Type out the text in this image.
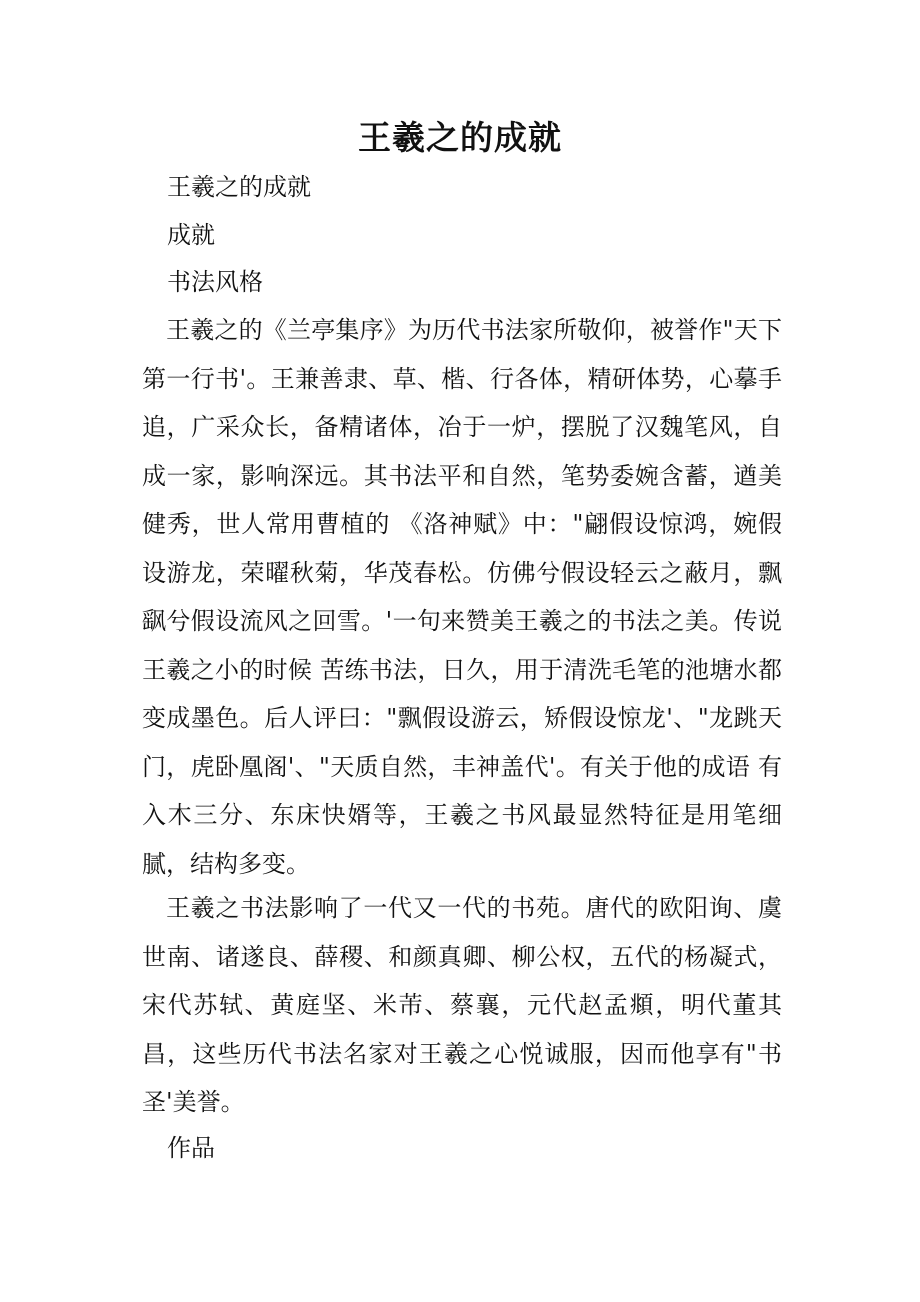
王羲之的成就

王羲之的成就

成就

书法风格

王羲之的《兰亭集序》为历代书法家所敬仰，被誉作"天下第一行书'。王兼善隶、草、楷、行各体，精研体势，心摹手追，广采众长，备精诸体，冶于一炉，摆脱了汉魏笔风，自成一家，影响深远。其书法平和自然，笔势委婉含蓄，遒美健秀，世人常用曹植的 《洛神赋》中："翩假设惊鸿，婉假设游龙，荣曜秋菊，华茂春松。仿佛兮假设轻云之蔽月，飘飖兮假设流风之回雪。'一句来赞美王羲之的书法之美。传说王羲之小的时候 苦练书法，日久，用于清洗毛笔的池塘水都变成墨色。后人评曰："飘假设游云，矫假设惊龙'、"龙跳天门，虎卧凰阁'、"天质自然，丰神盖代'。有关于他的成语 有入木三分、东床快婿等，王羲之书风最显然特征是用笔细腻，结构多变。

王羲之书法影响了一代又一代的书苑。唐代的欧阳询、虞世南、诸遂良、薛稷、和颜真卿、柳公权，五代的杨凝式，宋代苏轼、黄庭坚、米芾、蔡襄，元代赵孟頫，明代董其昌，这些历代书法名家对王羲之心悦诚服，因而他享有"书圣'美誉。

作品
